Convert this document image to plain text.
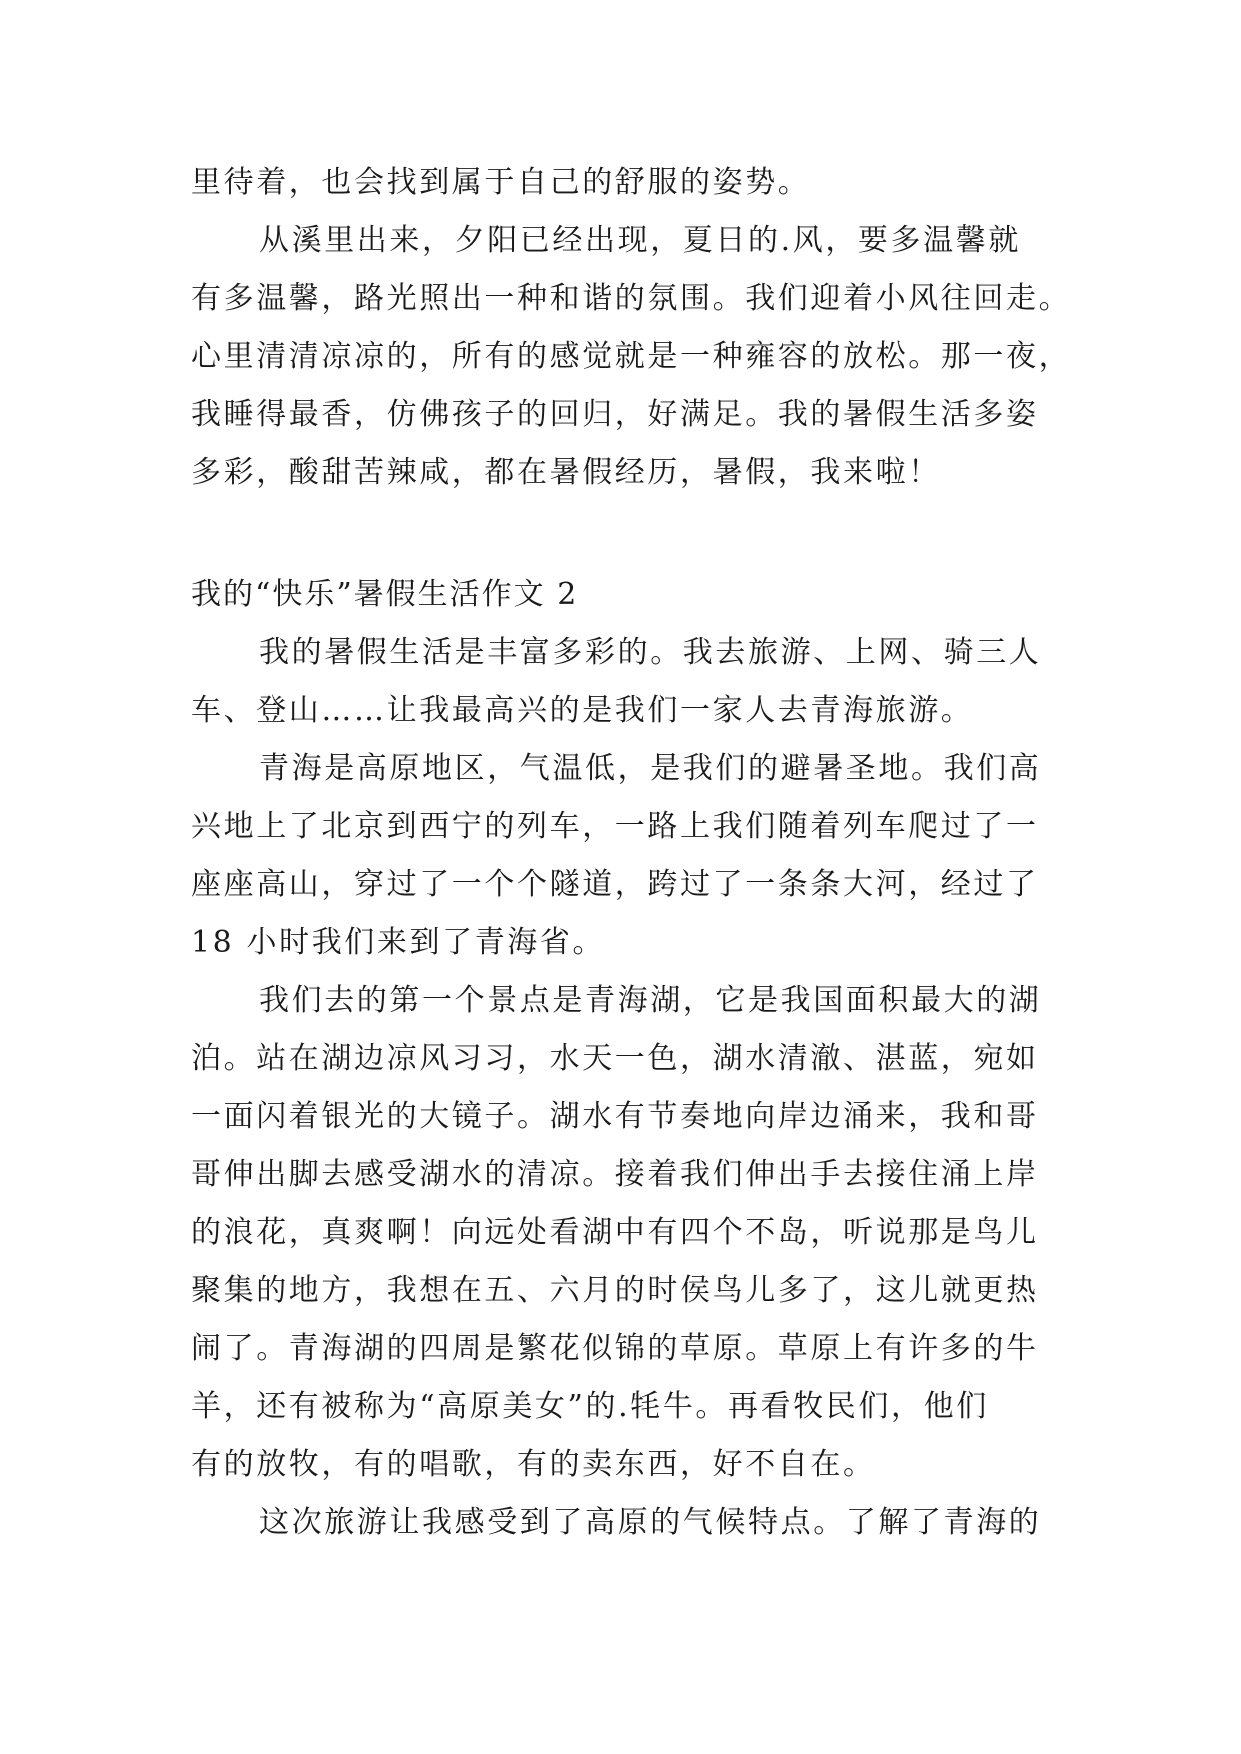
里待着，也会找到属于自己的舒服的姿势。
从溪里出来，夕阳已经出现，夏日的.风，要多温馨就
有多温馨，路光照出一种和谐的氛围。我们迎着小风往回走。
心里清清凉凉的，所有的感觉就是一种雍容的放松。那一夜，
我睡得最香，仿佛孩子的回归，好满足。我的暑假生活多姿
多彩，酸甜苦辣咸，都在暑假经历，暑假，我来啦！
我的“快乐”暑假生活作文 2
我的暑假生活是丰富多彩的。我去旅游、上网、骑三人
车、登山……让我最高兴的是我们一家人去青海旅游。
青海是高原地区，气温低，是我们的避暑圣地。我们高
兴地上了北京到西宁的列车，一路上我们随着列车爬过了一
座座高山，穿过了一个个隧道，跨过了一条条大河，经过了
18 小时我们来到了青海省。
我们去的第一个景点是青海湖，它是我国面积最大的湖
泊。站在湖边凉风习习，水天一色，湖水清澈、湛蓝，宛如
一面闪着银光的大镜子。湖水有节奏地向岸边涌来，我和哥
哥伸出脚去感受湖水的清凉。接着我们伸出手去接住涌上岸
的浪花，真爽啊！向远处看湖中有四个不岛，听说那是鸟儿
聚集的地方，我想在五、六月的时侯鸟儿多了，这儿就更热
闹了。青海湖的四周是繁花似锦的草原。草原上有许多的牛
羊，还有被称为“高原美女”的.牦牛。再看牧民们，他们
有的放牧，有的唱歌，有的卖东西，好不自在。
这次旅游让我感受到了高原的气候特点。了解了青海的
